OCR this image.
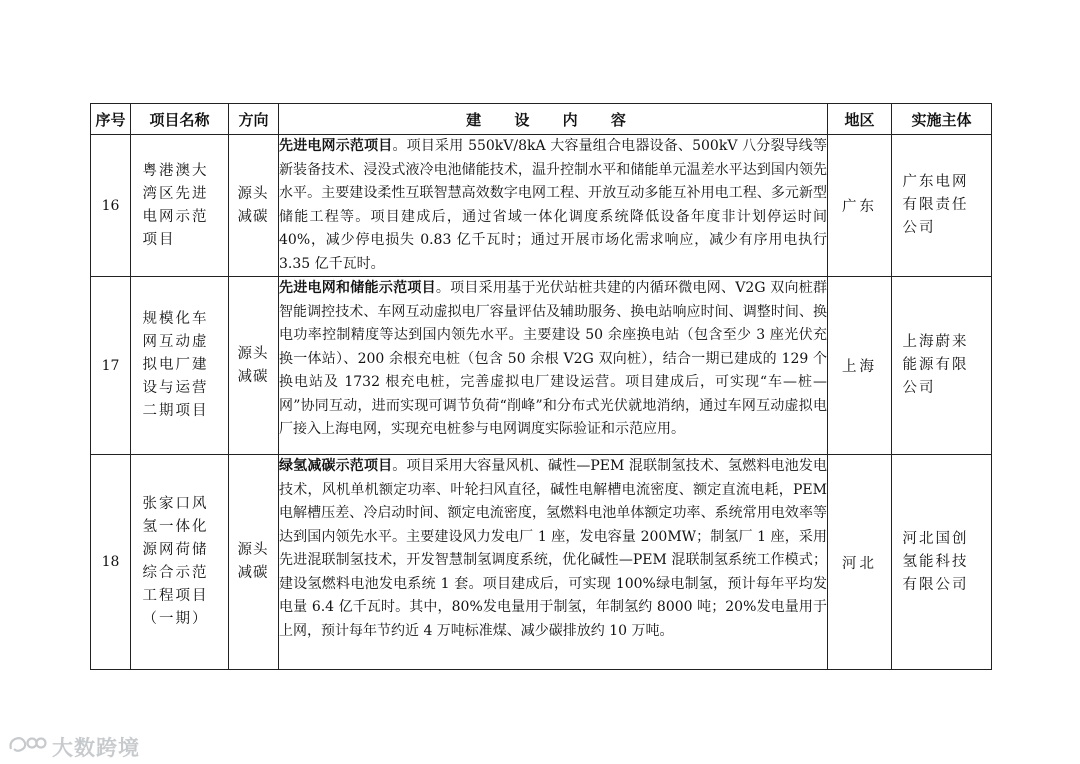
序号	项目名称	方向	建 设 内 容	地区	实施主体
16	粤港澳大湾区先进电网示范项目	源头减碳	先进电网示范项目。项目采用 550kV/8kA 大容量组合电器设备、500kV 八分裂导线等新装备技术、浸没式液冷电池储能技术，温升控制水平和储能单元温差水平达到国内领先水平。主要建设柔性互联智慧高效数字电网工程、开放互动多能互补用电工程、多元新型储能工程等。项目建成后，通过省域一体化调度系统降低设备年度非计划停运时间 40%，减少停电损失 0.83 亿千瓦时；通过开展市场化需求响应，减少有序用电执行 3.35 亿千瓦时。	广东	广东电网有限责任公司
17	规模化车网互动虚拟电厂建设与运营二期项目	源头减碳	先进电网和储能示范项目。项目采用基于光伏站桩共建的内循环微电网、V2G 双向桩群智能调控技术、车网互动虚拟电厂容量评估及辅助服务、换电站响应时间、调整时间、换电功率控制精度等达到国内领先水平。主要建设 50 余座换电站（包含至少 3 座光伏充换一体站）、200 余根充电桩（包含 50 余根 V2G 双向桩），结合一期已建成的 129 个换电站及 1732 根充电桩，完善虚拟电厂建设运营。项目建成后，可实现“车—桩—网”协同互动，进而实现可调节负荷“削峰”和分布式光伏就地消纳，通过车网互动虚拟电厂接入上海电网，实现充电桩参与电网调度实际验证和示范应用。	上海	上海蔚来能源有限公司
18	张家口风氢一体化源网荷储综合示范工程项目（一期）	源头减碳	绿氢减碳示范项目。项目采用大容量风机、碱性—PEM 混联制氢技术、氢燃料电池发电技术，风机单机额定功率、叶轮扫风直径，碱性电解槽电流密度、额定直流电耗，PEM 电解槽压差、冷启动时间、额定电流密度，氢燃料电池单体额定功率、系统常用电效率等达到国内领先水平。主要建设风力发电厂 1 座，发电容量 200MW；制氢厂 1 座，采用先进混联制氢技术，开发智慧制氢调度系统，优化碱性—PEM 混联制氢系统工作模式；建设氢燃料电池发电系统 1 套。项目建成后，可实现 100%绿电制氢，预计每年平均发电量 6.4 亿千瓦时。其中，80%发电量用于制氢，年制氢约 8000 吨；20%发电量用于上网，预计每年节约近 4 万吨标准煤、减少碳排放约 10 万吨。	河北	河北国创氢能科技有限公司
大数跨境
